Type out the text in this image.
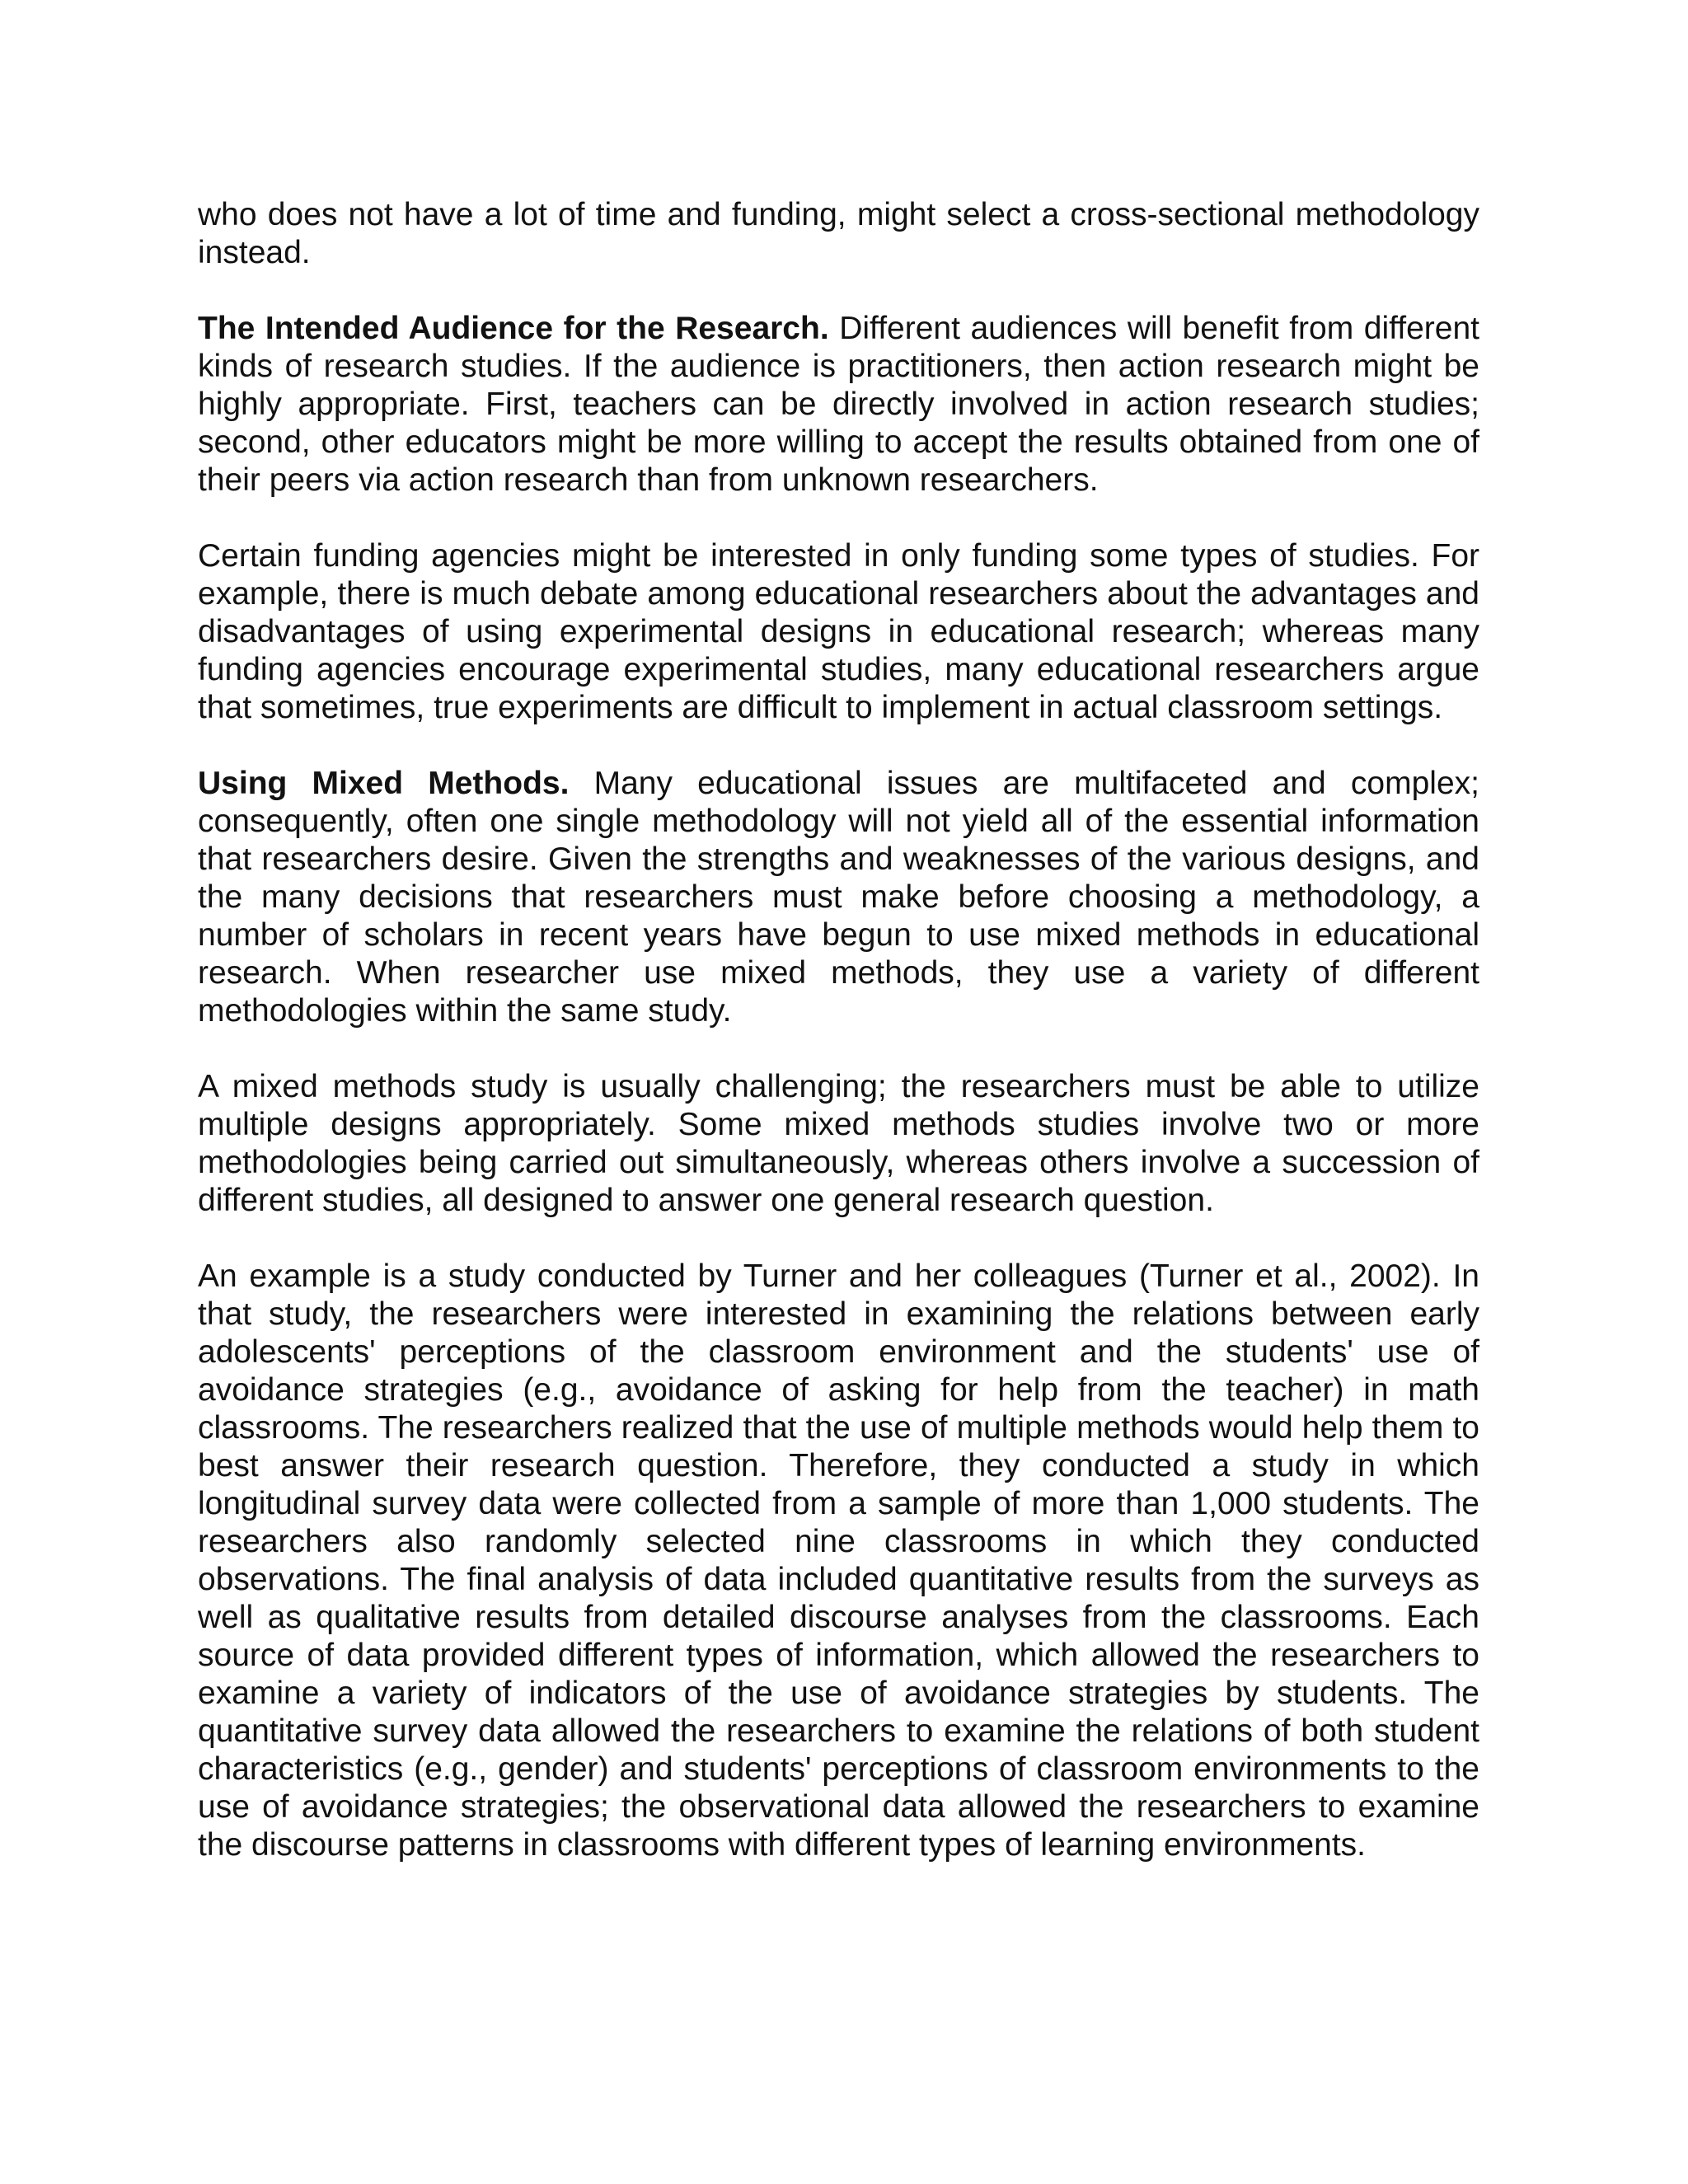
who does not have a lot of time and funding, might select a cross-sectional methodology instead.

The Intended Audience for the Research. Different audiences will benefit from different kinds of research studies. If the audience is practitioners, then action research might be highly appropriate. First, teachers can be directly involved in action research studies; second, other educators might be more willing to accept the results obtained from one of their peers via action research than from unknown researchers.

Certain funding agencies might be interested in only funding some types of studies. For example, there is much debate among educational researchers about the advantages and disadvantages of using experimental designs in educational research; whereas many funding agencies encourage experimental studies, many educational researchers argue that sometimes, true experiments are difficult to implement in actual classroom settings.

Using Mixed Methods. Many educational issues are multifaceted and complex; consequently, often one single methodology will not yield all of the essential information that researchers desire. Given the strengths and weaknesses of the various designs, and the many decisions that researchers must make before choosing a methodology, a number of scholars in recent years have begun to use mixed methods in educational research. When researcher use mixed methods, they use a variety of different methodologies within the same study.

A mixed methods study is usually challenging; the researchers must be able to utilize multiple designs appropriately. Some mixed methods studies involve two or more methodologies being carried out simultaneously, whereas others involve a succession of different studies, all designed to answer one general research question.

An example is a study conducted by Turner and her colleagues (Turner et al., 2002). In that study, the researchers were interested in examining the relations between early adolescents' perceptions of the classroom environment and the students' use of avoidance strategies (e.g., avoidance of asking for help from the teacher) in math classrooms. The researchers realized that the use of multiple methods would help them to best answer their research question. Therefore, they conducted a study in which longitudinal survey data were collected from a sample of more than 1,000 students. The researchers also randomly selected nine classrooms in which they conducted observations. The final analysis of data included quantitative results from the surveys as well as qualitative results from detailed discourse analyses from the classrooms. Each source of data provided different types of information, which allowed the researchers to examine a variety of indicators of the use of avoidance strategies by students. The quantitative survey data allowed the researchers to examine the relations of both student characteristics (e.g., gender) and students' perceptions of classroom environments to the use of avoidance strategies; the observational data allowed the researchers to examine the discourse patterns in classrooms with different types of learning environments.
